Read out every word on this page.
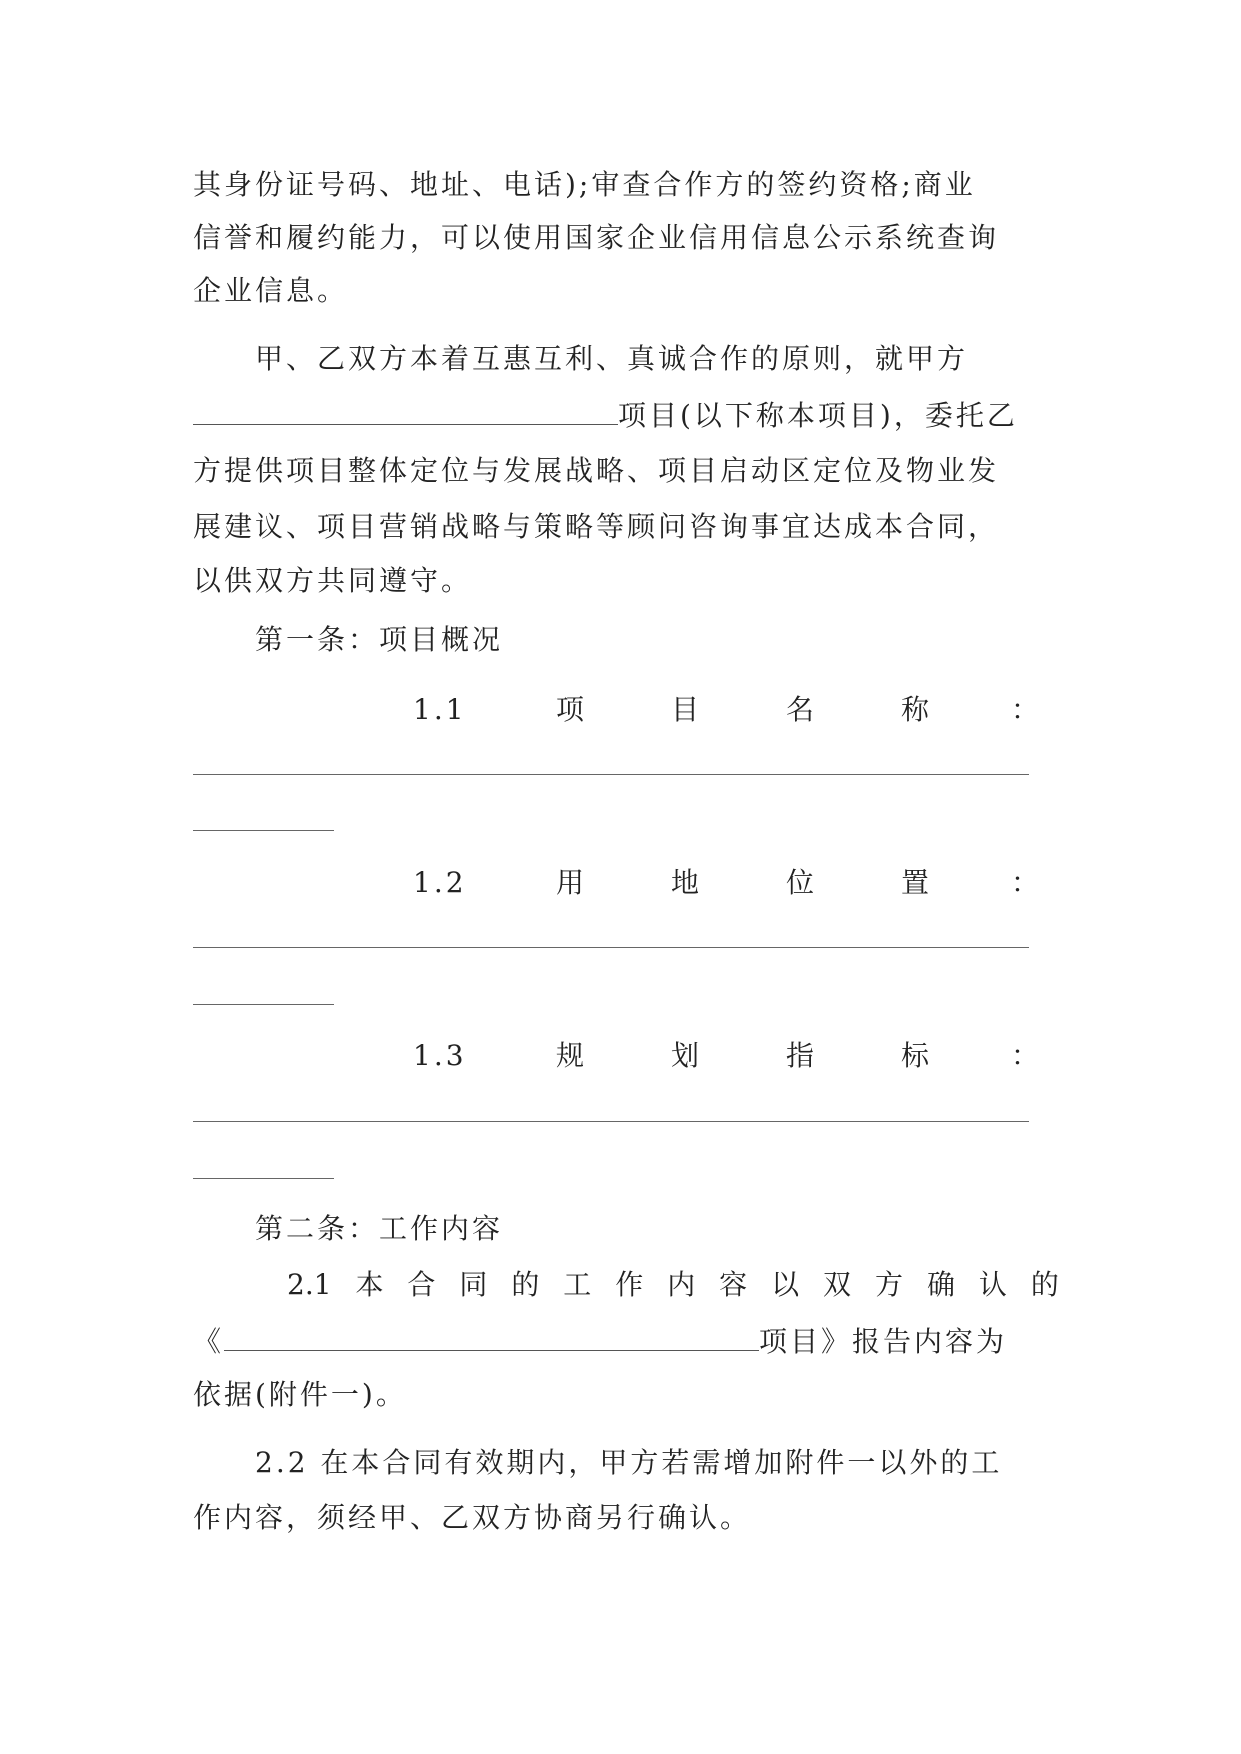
其身份证号码、地址、电话);审查合作方的签约资格;商业
信誉和履约能力，可以使用国家企业信用信息公示系统查询
企业信息。
甲、乙双方本着互惠互利、真诚合作的原则，就甲方
项目(以下称本项目)，委托乙
方提供项目整体定位与发展战略、项目启动区定位及物业发
展建议、项目营销战略与策略等顾问咨询事宜达成本合同，
以供双方共同遵守。
第一条：项目概况
1.1	项	目	名	称	：
1.2	用	地	位	置	：
1.3	规	划	指	标	：
第二条：工作内容
2.1 本 合 同 的 工 作 内 容 以 双 方 确 认 的
《	项目》报告内容为
依据(附件一)。
2.2 在本合同有效期内，甲方若需增加附件一以外的工
作内容，须经甲、乙双方协商另行确认。
